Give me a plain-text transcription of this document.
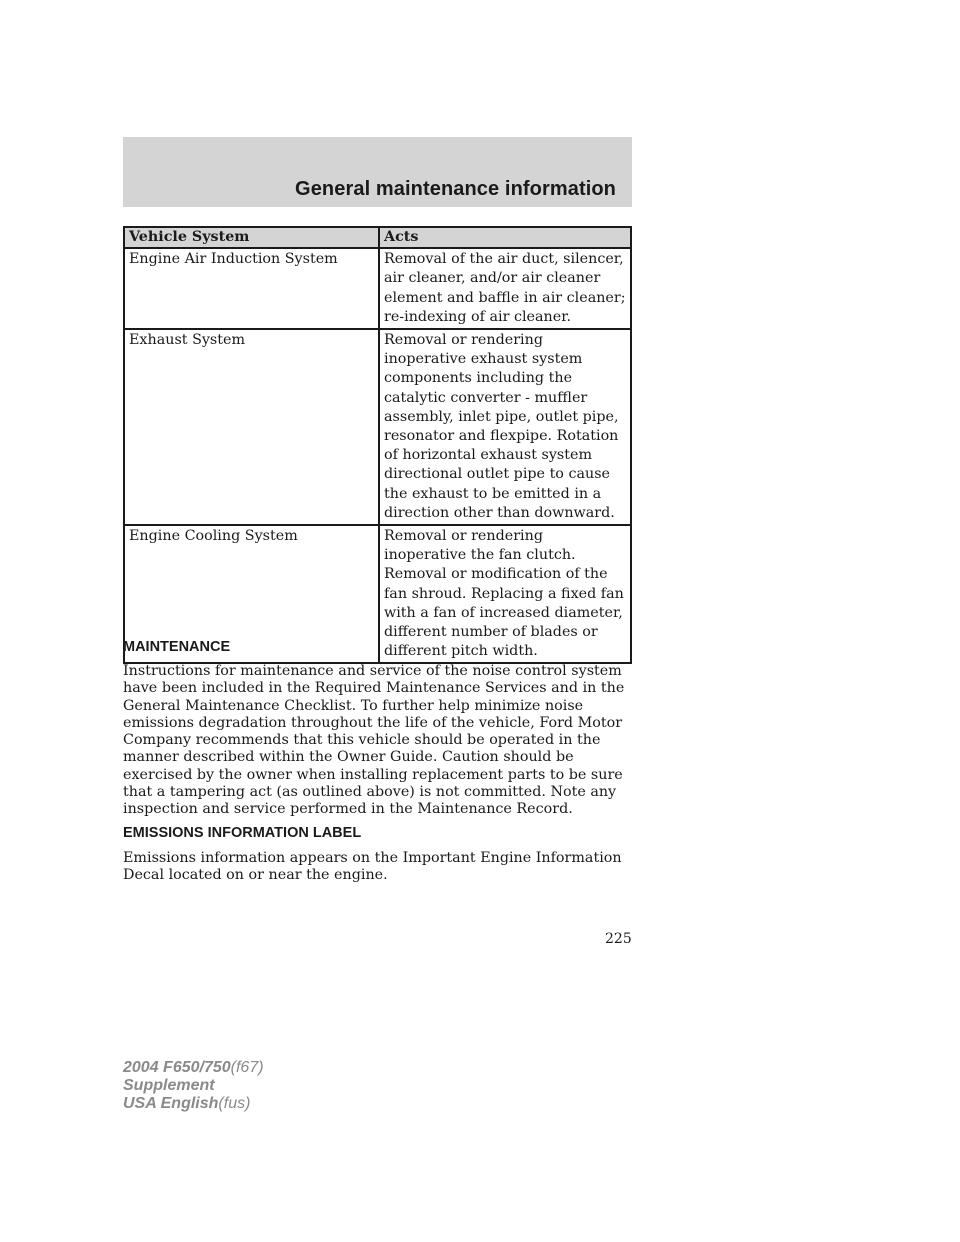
General maintenance information
Vehicle System	Acts
Engine Air Induction System	Removal of the air duct, silencer, air cleaner, and/or air cleaner element and baffle in air cleaner; re-indexing of air cleaner.
Exhaust System	Removal or rendering inoperative exhaust system components including the catalytic converter - muffler assembly, inlet pipe, outlet pipe, resonator and flexpipe. Rotation of horizontal exhaust system directional outlet pipe to cause the exhaust to be emitted in a direction other than downward.
Engine Cooling System	Removal or rendering inoperative the fan clutch. Removal or modification of the fan shroud. Replacing a fixed fan with a fan of increased diameter, different number of blades or different pitch width.
MAINTENANCE

Instructions for maintenance and service of the noise control system have been included in the Required Maintenance Services and in the General Maintenance Checklist. To further help minimize noise emissions degradation throughout the life of the vehicle, Ford Motor Company recommends that this vehicle should be operated in the manner described within the Owner Guide. Caution should be exercised by the owner when installing replacement parts to be sure that a tampering act (as outlined above) is not committed. Note any inspection and service performed in the Maintenance Record.

EMISSIONS INFORMATION LABEL

Emissions information appears on the Important Engine Information Decal located on or near the engine.

225
2004 F650/750(f67)
Supplement
USA English(fus)
